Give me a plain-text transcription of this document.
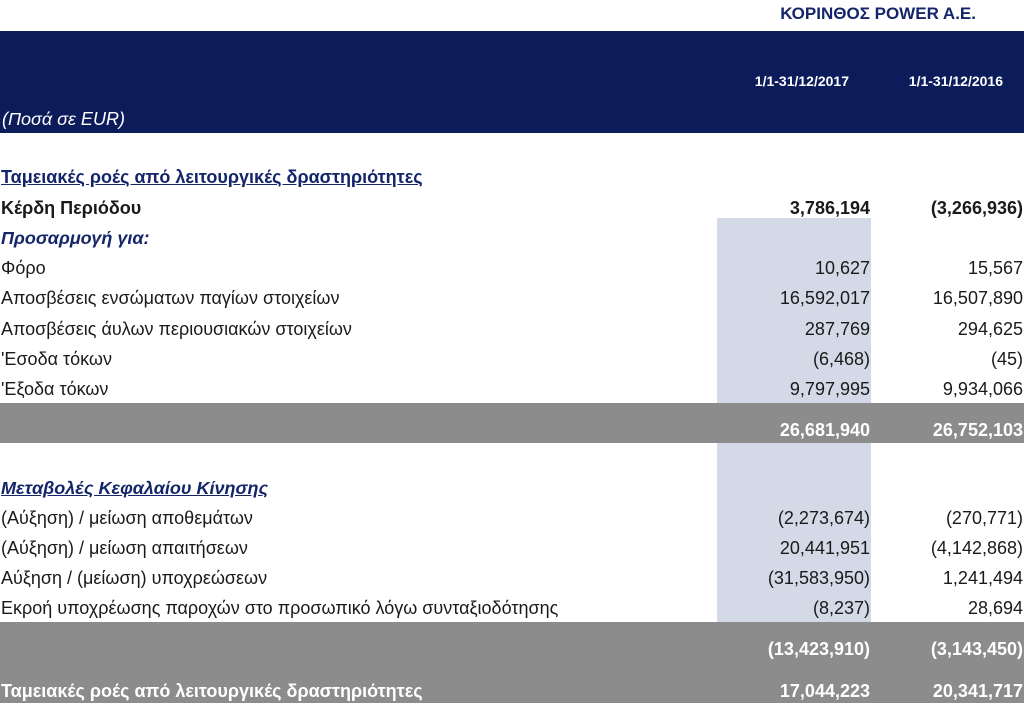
ΚΟΡΙΝΘΟΣ POWER A.E.
1/1-31/12/2017	1/1-31/12/2016
(Ποσά σε EUR)
Ταμειακές ροές από λειτουργικές δραστηριότητες
Κέρδη Περιόδου	3,786,194	(3,266,936)
Προσαρμογή για:
Φόρο	10,627	15,567
Αποσβέσεις ενσώματων παγίων στοιχείων	16,592,017	16,507,890
Αποσβέσεις άυλων περιουσιακών στοιχείων	287,769	294,625
'Εσοδα τόκων	(6,468)	(45)
'Εξοδα τόκων	9,797,995	9,934,066
26,681,940	26,752,103
Μεταβολές Κεφαλαίου Κίνησης
(Αύξηση) / μείωση αποθεμάτων	(2,273,674)	(270,771)
(Αύξηση) / μείωση απαιτήσεων	20,441,951	(4,142,868)
Αύξηση / (μείωση) υποχρεώσεων	(31,583,950)	1,241,494
Εκροή υποχρέωσης παροχών στο προσωπικό λόγω συνταξιοδότησης	(8,237)	28,694
(13,423,910)	(3,143,450)
Ταμειακές ροές από λειτουργικές δραστηριότητες	17,044,223	20,341,717
